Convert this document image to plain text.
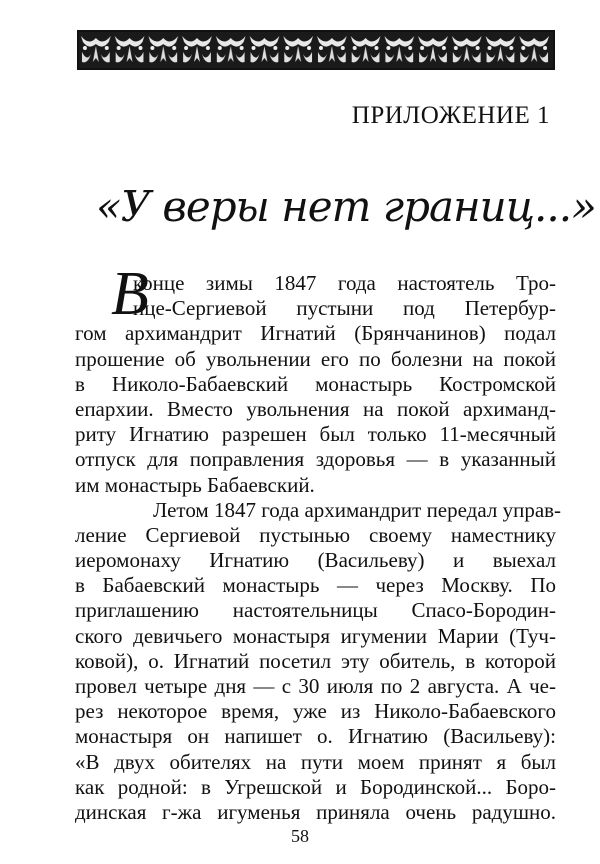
ПРИЛОЖЕНИЕ 1
«У веры нет границ...»
В
конце зимы 1847 года настоятель Тро-
ице-Сергиевой пустыни под Петербур-
гом архимандрит Игнатий (Брянчанинов) подал
прошение об увольнении его по болезни на покой
в Николо-Бабаевский монастырь Костромской
епархии. Вместо увольнения на покой архиманд-
риту Игнатию разрешен был только 11-месячный
отпуск для поправления здоровья — в указанный
им монастырь Бабаевский.
Летом 1847 года архимандрит передал управ-
ление Сергиевой пустынью своему наместнику
иеромонаху Игнатию (Васильеву) и выехал
в Бабаевский монастырь — через Москву. По
приглашению настоятельницы Спасо-Бородин-
ского девичьего монастыря игумении Марии (Туч-
ковой), о. Игнатий посетил эту обитель, в которой
провел четыре дня — с 30 июля по 2 августа. А че-
рез некоторое время, уже из Николо-Бабаевского
монастыря он напишет о. Игнатию (Васильеву):
«В двух обителях на пути моем принят я был
как родной: в Угрешской и Бородинской... Боро-
динская г-жа игуменья приняла очень радушно.
58
